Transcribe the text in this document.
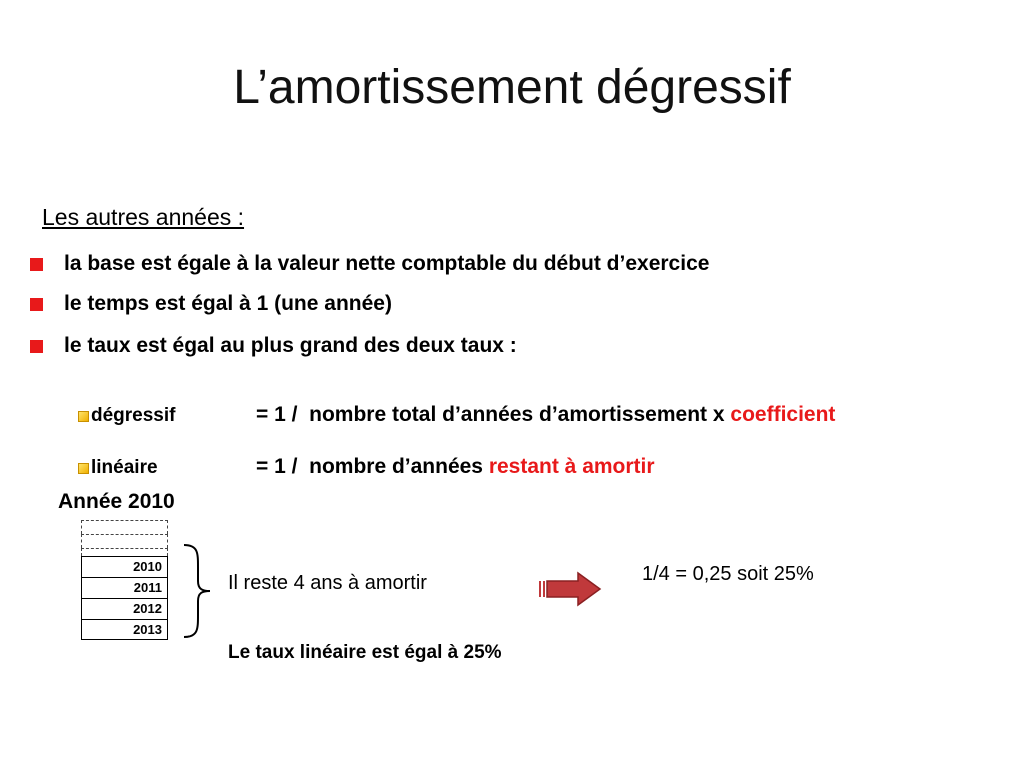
L’amortissement dégressif
Les autres années :
la base est égale à la valeur nette comptable du début d’exercice
le temps est égal à 1 (une année)
le taux est égal au plus grand des deux taux :
dégressif	= 1 /  nombre total d’années d’amortissement x coefficient
linéaire	= 1 /  nombre d’années restant à amortir
Année 2010
2010
2011
2012
2013
Il reste 4 ans à amortir	1/4 = 0,25 soit 25%
Le taux linéaire est égal à 25%
